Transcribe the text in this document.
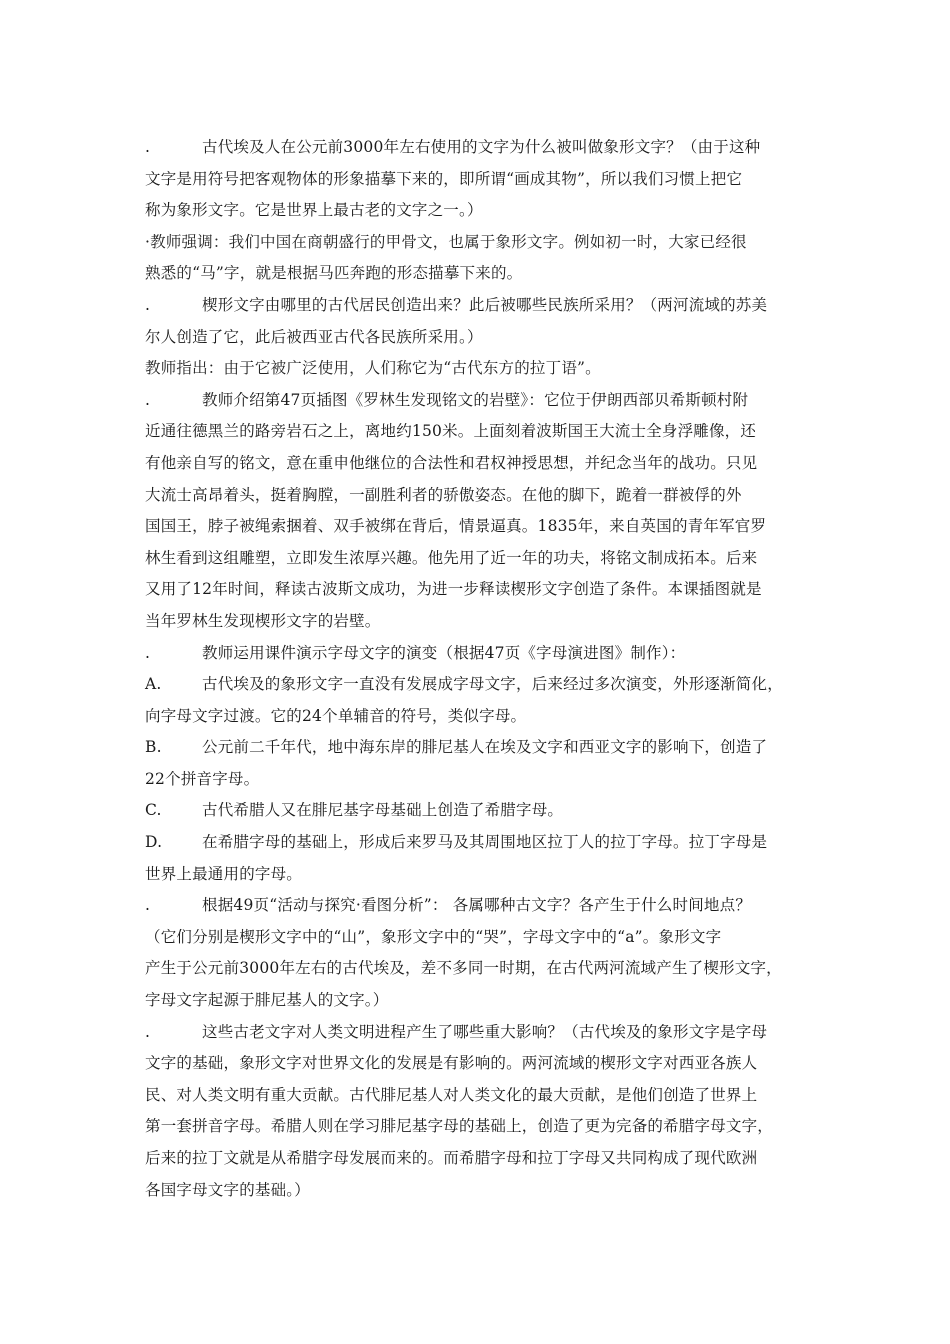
.	古代埃及人在公元前3000年左右使用的文字为什么被叫做象形文字？（由于这种
文字是用符号把客观物体的形象描摹下来的，即所谓“画成其物”，所以我们习惯上把它
称为象形文字。它是世界上最古老的文字之一。）
·教师强调：我们中国在商朝盛行的甲骨文，也属于象形文字。例如初一时，大家已经很
熟悉的“马”字，就是根据马匹奔跑的形态描摹下来的。
.	楔形文字由哪里的古代居民创造出来？此后被哪些民族所采用？（两河流域的苏美
尔人创造了它，此后被西亚古代各民族所采用。）
教师指出：由于它被广泛使用，人们称它为“古代东方的拉丁语”。
.	教师介绍第47页插图《罗林生发现铭文的岩壁》：它位于伊朗西部贝希斯顿村附
近通往德黑兰的路旁岩石之上，离地约150米。上面刻着波斯国王大流士全身浮雕像，还
有他亲自写的铭文，意在重申他继位的合法性和君权神授思想，并纪念当年的战功。只见
大流士高昂着头，挺着胸膛，一副胜利者的骄傲姿态。在他的脚下，跪着一群被俘的外
国国王，脖子被绳索捆着、双手被绑在背后，情景逼真。1835年，来自英国的青年军官罗
林生看到这组雕塑，立即发生浓厚兴趣。他先用了近一年的功夫，将铭文制成拓本。后来
又用了12年时间，释读古波斯文成功，为进一步释读楔形文字创造了条件。本课插图就是
当年罗林生发现楔形文字的岩壁。
.	教师运用课件演示字母文字的演变（根据47页《字母演进图》制作）：
A.	古代埃及的象形文字一直没有发展成字母文字，后来经过多次演变，外形逐渐简化，
向字母文字过渡。它的24个单辅音的符号，类似字母。
B.	公元前二千年代，地中海东岸的腓尼基人在埃及文字和西亚文字的影响下，创造了
22个拼音字母。
C.	古代希腊人又在腓尼基字母基础上创造了希腊字母。
D.	在希腊字母的基础上，形成后来罗马及其周围地区拉丁人的拉丁字母。拉丁字母是
世界上最通用的字母。
.	根据49页“活动与探究·看图分析”： 各属哪种古文字？各产生于什么时间地点？
（它们分别是楔形文字中的“山”，象形文字中的“哭”，字母文字中的“a”。象形文字
产生于公元前3000年左右的古代埃及，差不多同一时期，在古代两河流域产生了楔形文字，
字母文字起源于腓尼基人的文字。）
.	这些古老文字对人类文明进程产生了哪些重大影响？（古代埃及的象形文字是字母
文字的基础，象形文字对世界文化的发展是有影响的。两河流域的楔形文字对西亚各族人
民、对人类文明有重大贡献。古代腓尼基人对人类文化的最大贡献，是他们创造了世界上
第一套拼音字母。希腊人则在学习腓尼基字母的基础上，创造了更为完备的希腊字母文字，
后来的拉丁文就是从希腊字母发展而来的。而希腊字母和拉丁字母又共同构成了现代欧洲
各国字母文字的基础。）
